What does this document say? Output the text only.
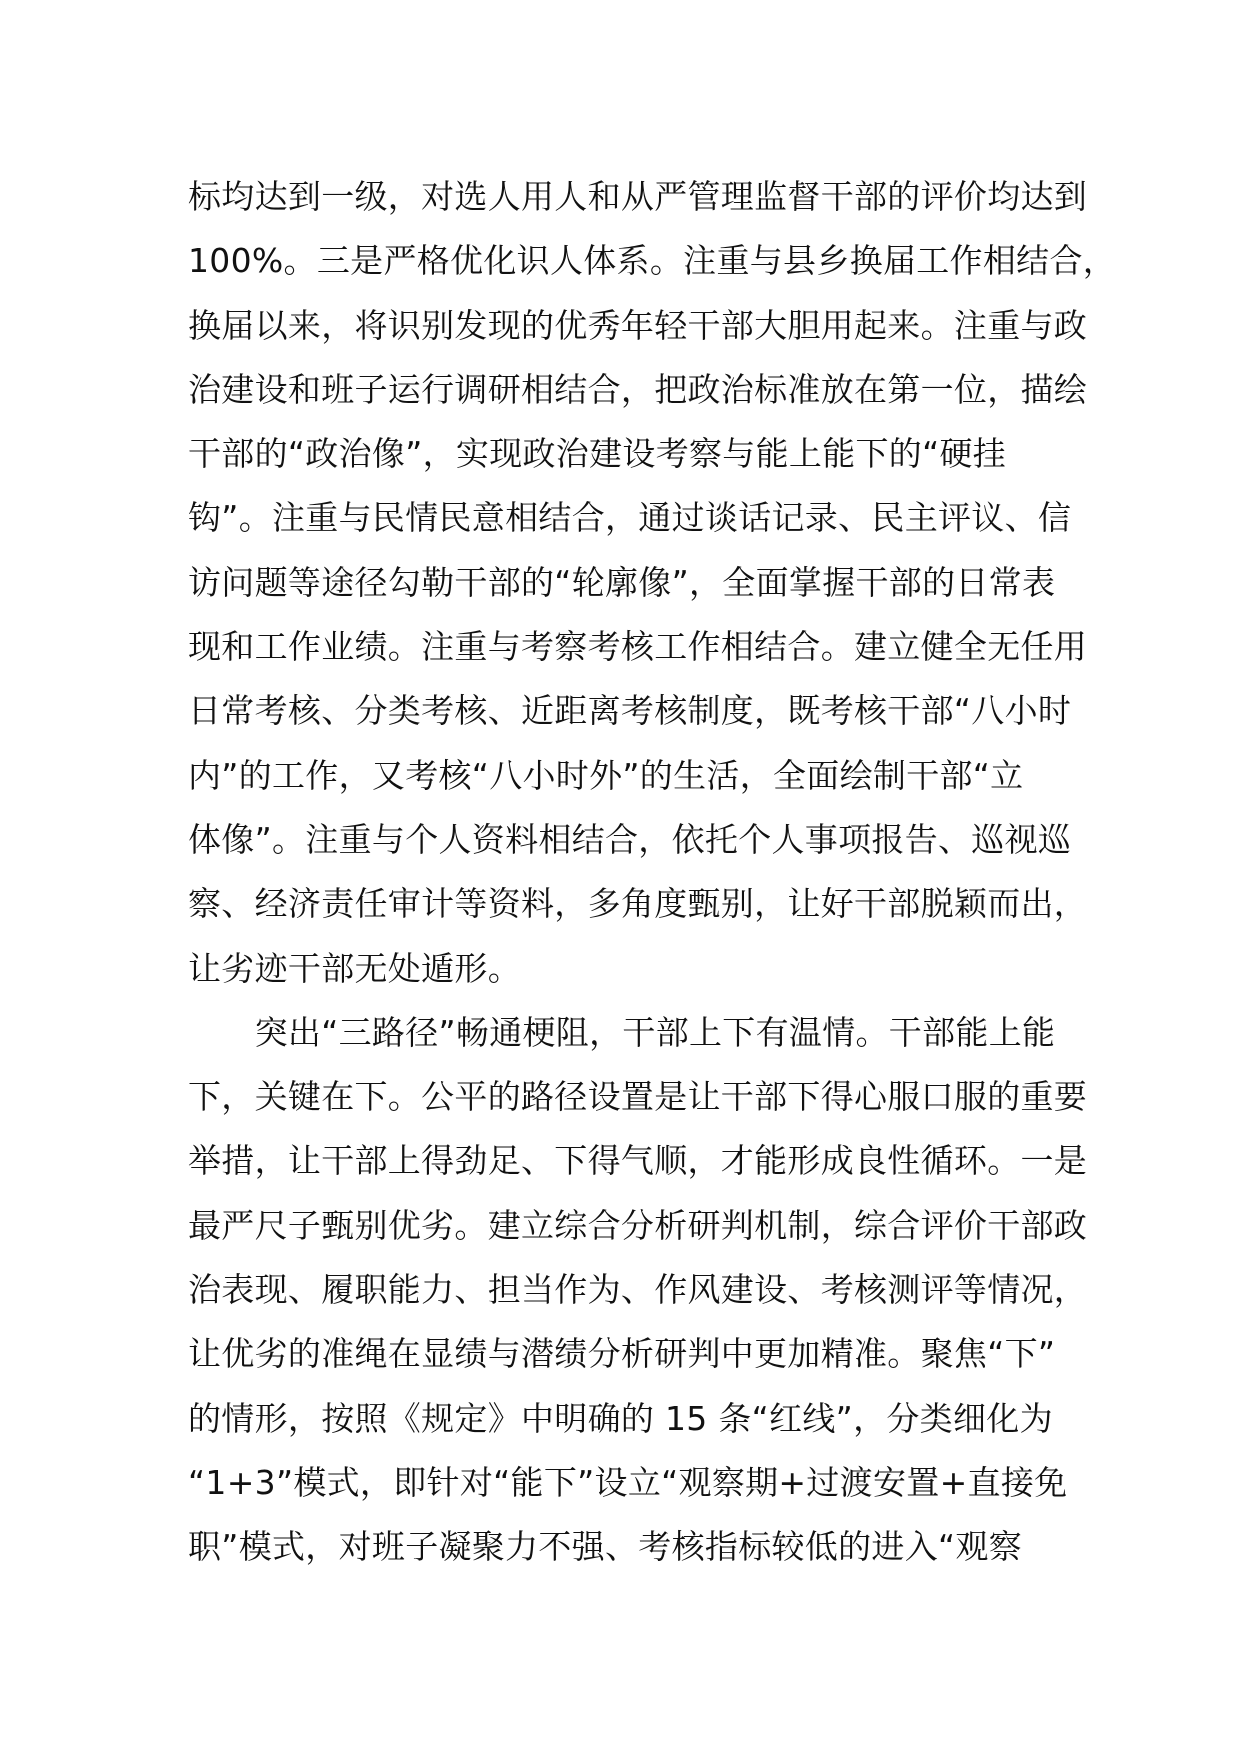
标均达到一级，对选人用人和从严管理监督干部的评价均达到
100%。三是严格优化识人体系。注重与县乡换届工作相结合，
换届以来，将识别发现的优秀年轻干部大胆用起来。注重与政
治建设和班子运行调研相结合，把政治标准放在第一位，描绘
干部的“政治像”，实现政治建设考察与能上能下的“硬挂
钩”。注重与民情民意相结合，通过谈话记录、民主评议、信
访问题等途径勾勒干部的“轮廓像”，全面掌握干部的日常表
现和工作业绩。注重与考察考核工作相结合。建立健全无任用
日常考核、分类考核、近距离考核制度，既考核干部“八小时
内”的工作，又考核“八小时外”的生活，全面绘制干部“立
体像”。注重与个人资料相结合，依托个人事项报告、巡视巡
察、经济责任审计等资料，多角度甄别，让好干部脱颖而出，
让劣迹干部无处遁形。
　　突出“三路径”畅通梗阻，干部上下有温情。干部能上能
下，关键在下。公平的路径设置是让干部下得心服口服的重要
举措，让干部上得劲足、下得气顺，才能形成良性循环。一是
最严尺子甄别优劣。建立综合分析研判机制，综合评价干部政
治表现、履职能力、担当作为、作风建设、考核测评等情况，
让优劣的准绳在显绩与潜绩分析研判中更加精准。聚焦“下”
的情形，按照《规定》中明确的 15 条“红线”，分类细化为
“1+3”模式，即针对“能下”设立“观察期+过渡安置+直接免
职”模式，对班子凝聚力不强、考核指标较低的进入“观察
